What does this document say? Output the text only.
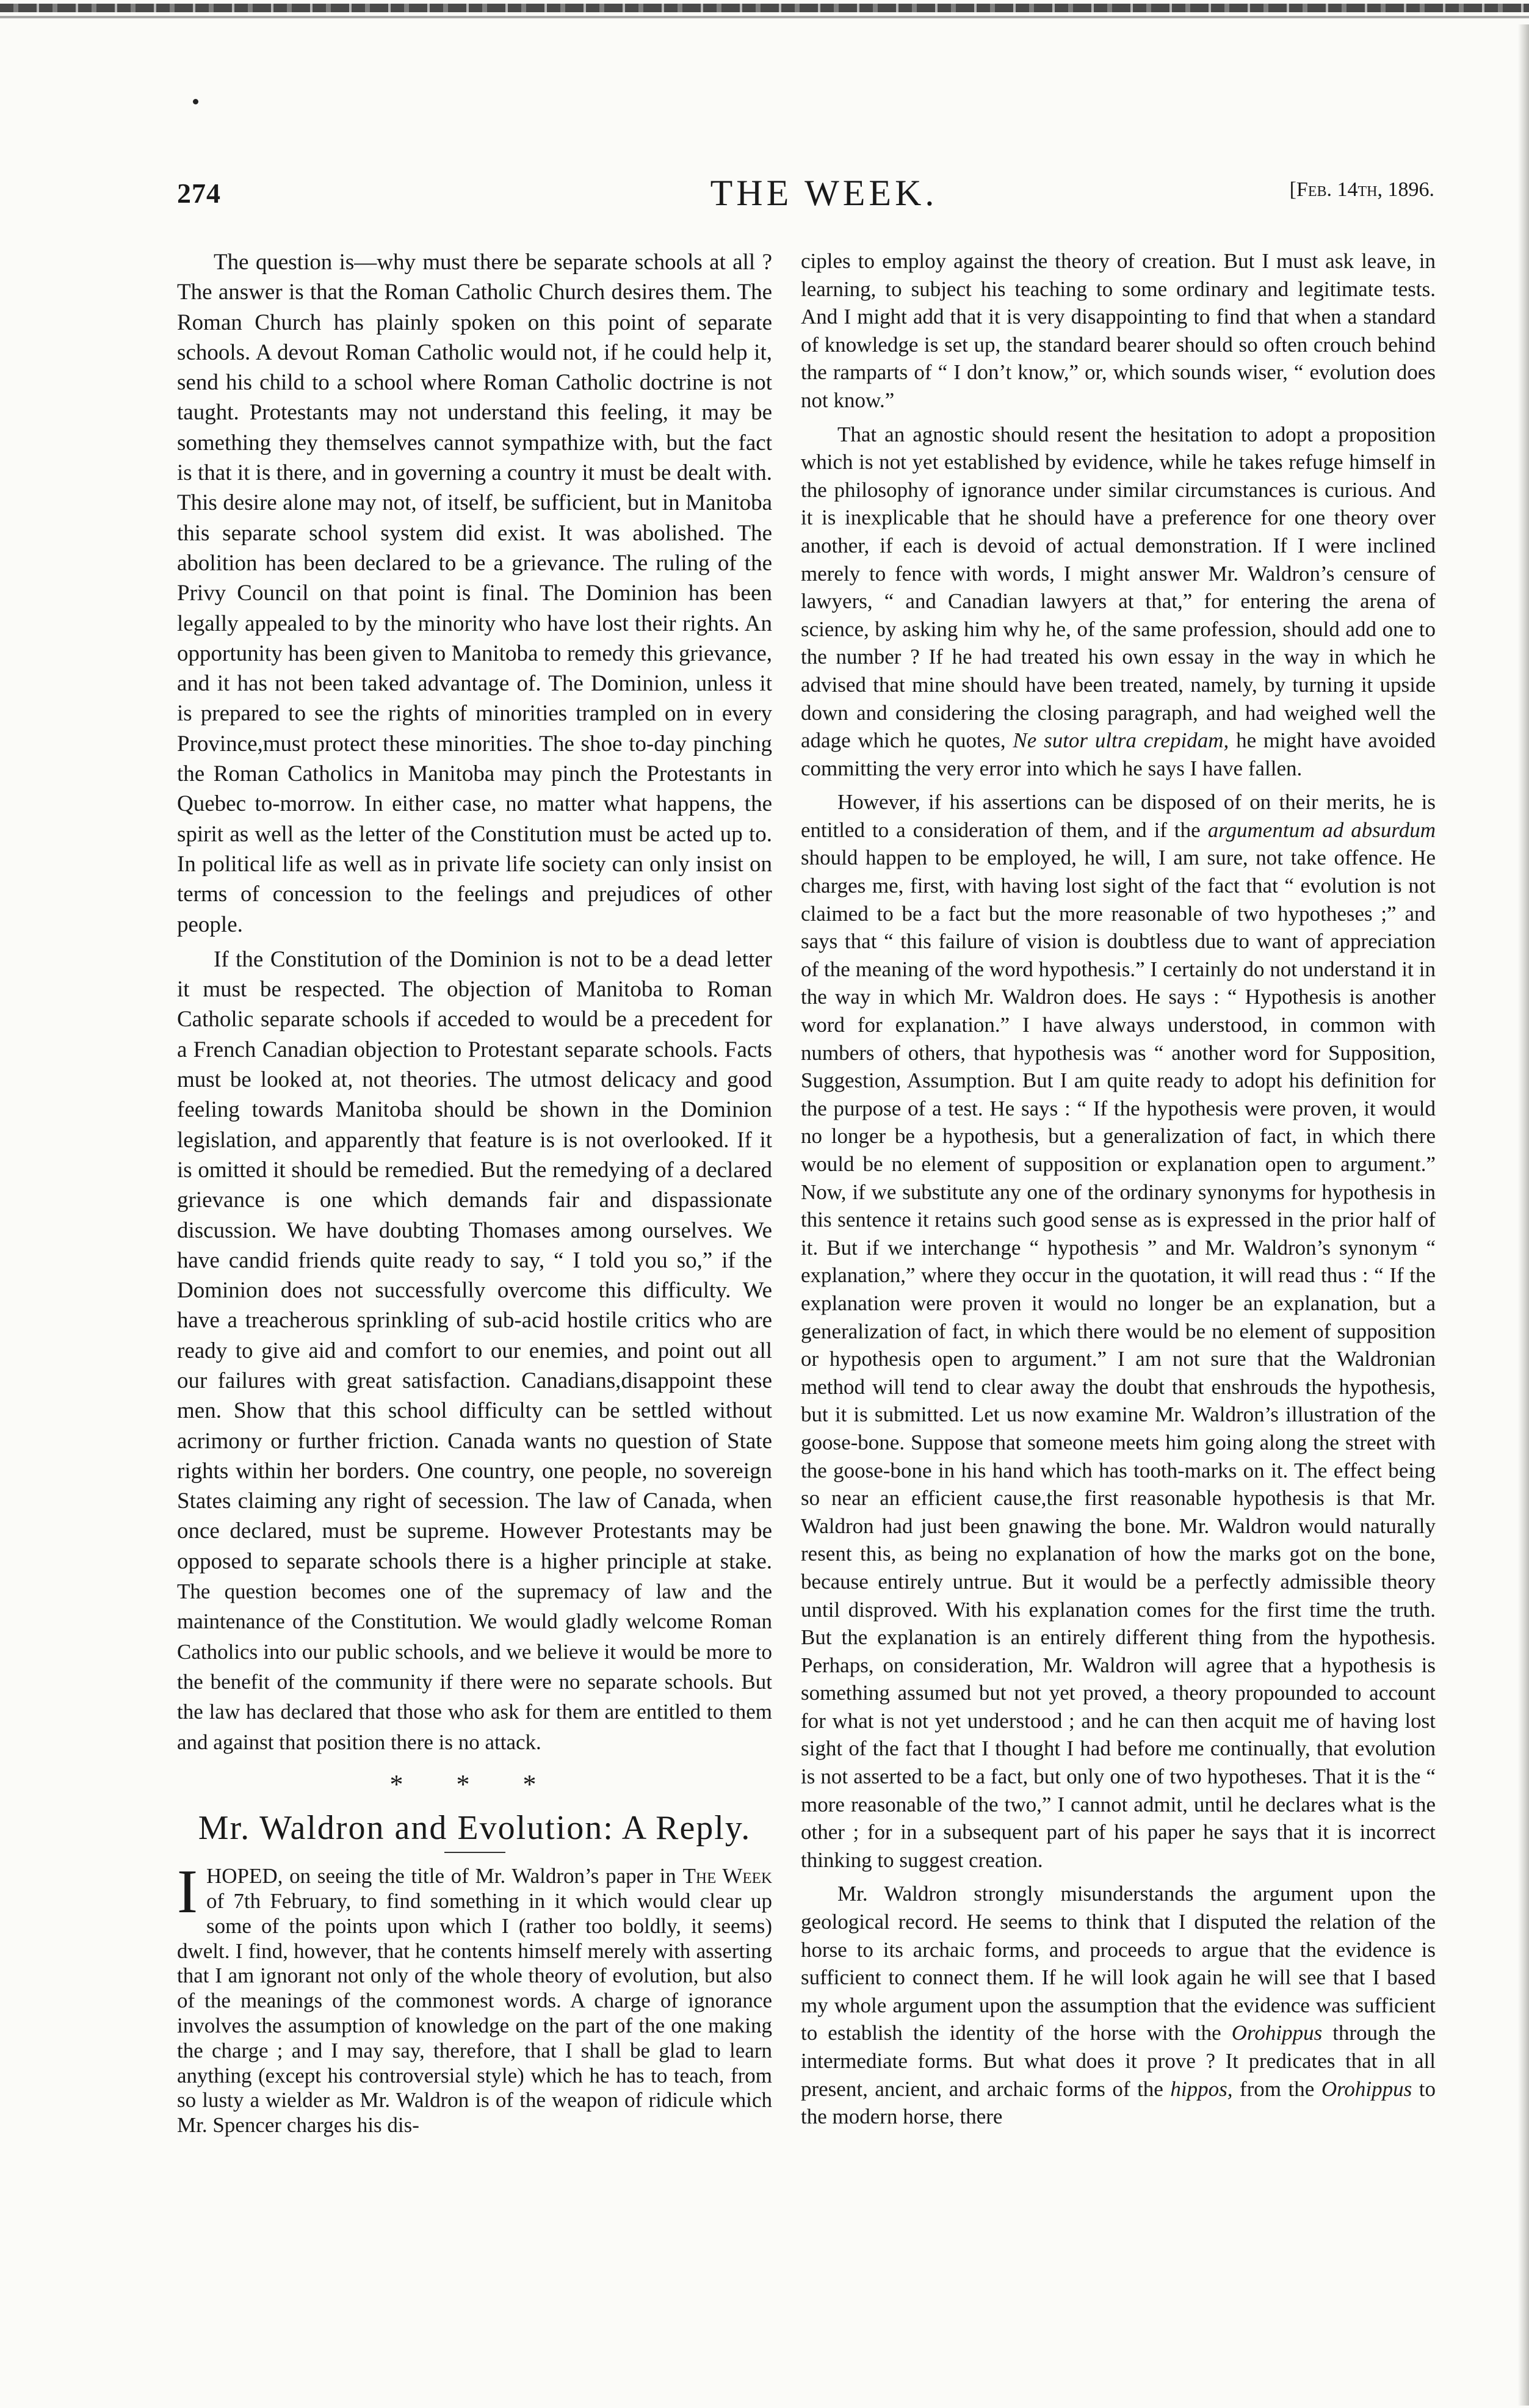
274	THE WEEK.	[Feb. 14th, 1896.

The question is—why must there be separate schools at all ? The answer is that the Roman Catholic Church desires them. The Roman Church has plainly spoken on this point of separate schools. A devout Roman Catholic would not, if he could help it, send his child to a school where Roman Catholic doctrine is not taught. Protestants may not understand this feeling, it may be something they themselves cannot sympathize with, but the fact is that it is there, and in governing a country it must be dealt with. This desire alone may not, of itself, be sufficient, but in Manitoba this separate school system did exist. It was abolished. The abolition has been declared to be a grievance. The ruling of the Privy Council on that point is final. The Dominion has been legally appealed to by the minority who have lost their rights. An opportunity has been given to Manitoba to remedy this grievance, and it has not been taked advantage of. The Dominion, unless it is prepared to see the rights of minorities trampled on in every Province,must protect these minorities. The shoe to-day pinching the Roman Catholics in Manitoba may pinch the Protestants in Quebec to-morrow. In either case, no matter what happens, the spirit as well as the letter of the Constitution must be acted up to. In political life as well as in private life society can only insist on terms of concession to the feelings and prejudices of other people.

If the Constitution of the Dominion is not to be a dead letter it must be respected. The objection of Manitoba to Roman Catholic separate schools if acceded to would be a precedent for a French Canadian objection to Protestant separate schools. Facts must be looked at, not theories. The utmost delicacy and good feeling towards Manitoba should be shown in the Dominion legislation, and apparently that feature is is not overlooked. If it is omitted it should be remedied. But the remedying of a declared grievance is one which demands fair and dispassionate discussion. We have doubting Thomases among ourselves. We have candid friends quite ready to say, “ I told you so,” if the Dominion does not successfully overcome this difficulty. We have a treacherous sprinkling of sub-acid hostile critics who are ready to give aid and comfort to our enemies, and point out all our failures with great satisfaction. Canadians,disappoint these men. Show that this school difficulty can be settled without acrimony or further friction. Canada wants no question of State rights within her borders. One country, one people, no sovereign States claiming any right of secession. The law of Canada, when once declared, must be supreme. However Protestants may be opposed to separate schools there is a higher principle at stake. The question becomes one of the supremacy of law and the maintenance of the Constitution. We would gladly welcome Roman Catholics into our public schools, and we believe it would be more to the benefit of the community if there were no separate schools. But the law has declared that those who ask for them are entitled to them and against that position there is no attack.

* * *
Mr. Waldron and Evolution: A Reply.

IHOPED, on seeing the title of Mr. Waldron’s paper in The Week of 7th February, to find something in it which would clear up some of the points upon which I (rather too boldly, it seems) dwelt. I find, however, that he contents himself merely with asserting that I am ignorant not only of the whole theory of evolution, but also of the meanings of the commonest words. A charge of ignorance involves the assumption of knowledge on the part of the one making the charge ; and I may say, therefore, that I shall be glad to learn anything (except his controversial style) which he has to teach, from so lusty a wielder as Mr. Waldron is of the weapon of ridicule which Mr. Spencer charges his dis-

ciples to employ against the theory of creation. But I must ask leave, in learning, to subject his teaching to some ordinary and legitimate tests. And I might add that it is very disappointing to find that when a standard of knowledge is set up, the standard bearer should so often crouch behind the ramparts of “ I don’t know,” or, which sounds wiser, “ evolution does not know.”

That an agnostic should resent the hesitation to adopt a proposition which is not yet established by evidence, while he takes refuge himself in the philosophy of ignorance under similar circumstances is curious. And it is inexplicable that he should have a preference for one theory over another, if each is devoid of actual demonstration. If I were inclined merely to fence with words, I might answer Mr. Waldron’s censure of lawyers, “ and Canadian lawyers at that,” for entering the arena of science, by asking him why he, of the same profession, should add one to the number ? If he had treated his own essay in the way in which he advised that mine should have been treated, namely, by turning it upside down and considering the closing paragraph, and had weighed well the adage which he quotes, Ne sutor ultra crepidam, he might have avoided committing the very error into which he says I have fallen.

However, if his assertions can be disposed of on their merits, he is entitled to a consideration of them, and if the argumentum ad absurdum should happen to be employed, he will, I am sure, not take offence. He charges me, first, with having lost sight of the fact that “ evolution is not claimed to be a fact but the more reasonable of two hypotheses ;” and says that “ this failure of vision is doubtless due to want of appreciation of the meaning of the word hypothesis.” I certainly do not understand it in the way in which Mr. Waldron does. He says : “ Hypothesis is another word for explanation.” I have always understood, in common with numbers of others, that hypothesis was “ another word for Supposition, Suggestion, Assumption. But I am quite ready to adopt his definition for the purpose of a test. He says : “ If the hypothesis were proven, it would no longer be a hypothesis, but a generalization of fact, in which there would be no element of supposition or explanation open to argument.” Now, if we substitute any one of the ordinary synonyms for hypothesis in this sentence it retains such good sense as is expressed in the prior half of it. But if we interchange “ hypothesis ” and Mr. Waldron’s synonym “ explanation,” where they occur in the quotation, it will read thus : “ If the explanation were proven it would no longer be an explanation, but a generalization of fact, in which there would be no element of supposition or hypothesis open to argument.” I am not sure that the Waldronian method will tend to clear away the doubt that enshrouds the hypothesis, but it is submitted. Let us now examine Mr. Waldron’s illustration of the goose-bone. Suppose that someone meets him going along the street with the goose-bone in his hand which has tooth-marks on it. The effect being so near an efficient cause,the first reasonable hypothesis is that Mr. Waldron had just been gnawing the bone. Mr. Waldron would naturally resent this, as being no explanation of how the marks got on the bone, because entirely untrue. But it would be a perfectly admissible theory until disproved. With his explanation comes for the first time the truth. But the explanation is an entirely different thing from the hypothesis. Perhaps, on consideration, Mr. Waldron will agree that a hypothesis is something assumed but not yet proved, a theory propounded to account for what is not yet understood ; and he can then acquit me of having lost sight of the fact that I thought I had before me continually, that evolution is not asserted to be a fact, but only one of two hypotheses. That it is the “ more reasonable of the two,” I cannot admit, until he declares what is the other ; for in a subsequent part of his paper he says that it is incorrect thinking to suggest creation.

Mr. Waldron strongly misunderstands the argument upon the geological record. He seems to think that I disputed the relation of the horse to its archaic forms, and proceeds to argue that the evidence is sufficient to connect them. If he will look again he will see that I based my whole argument upon the assumption that the evidence was sufficient to establish the identity of the horse with the Orohippus through the intermediate forms. But what does it prove ? It predicates that in all present, ancient, and archaic forms of the hippos, from the Orohippus to the modern horse, there
